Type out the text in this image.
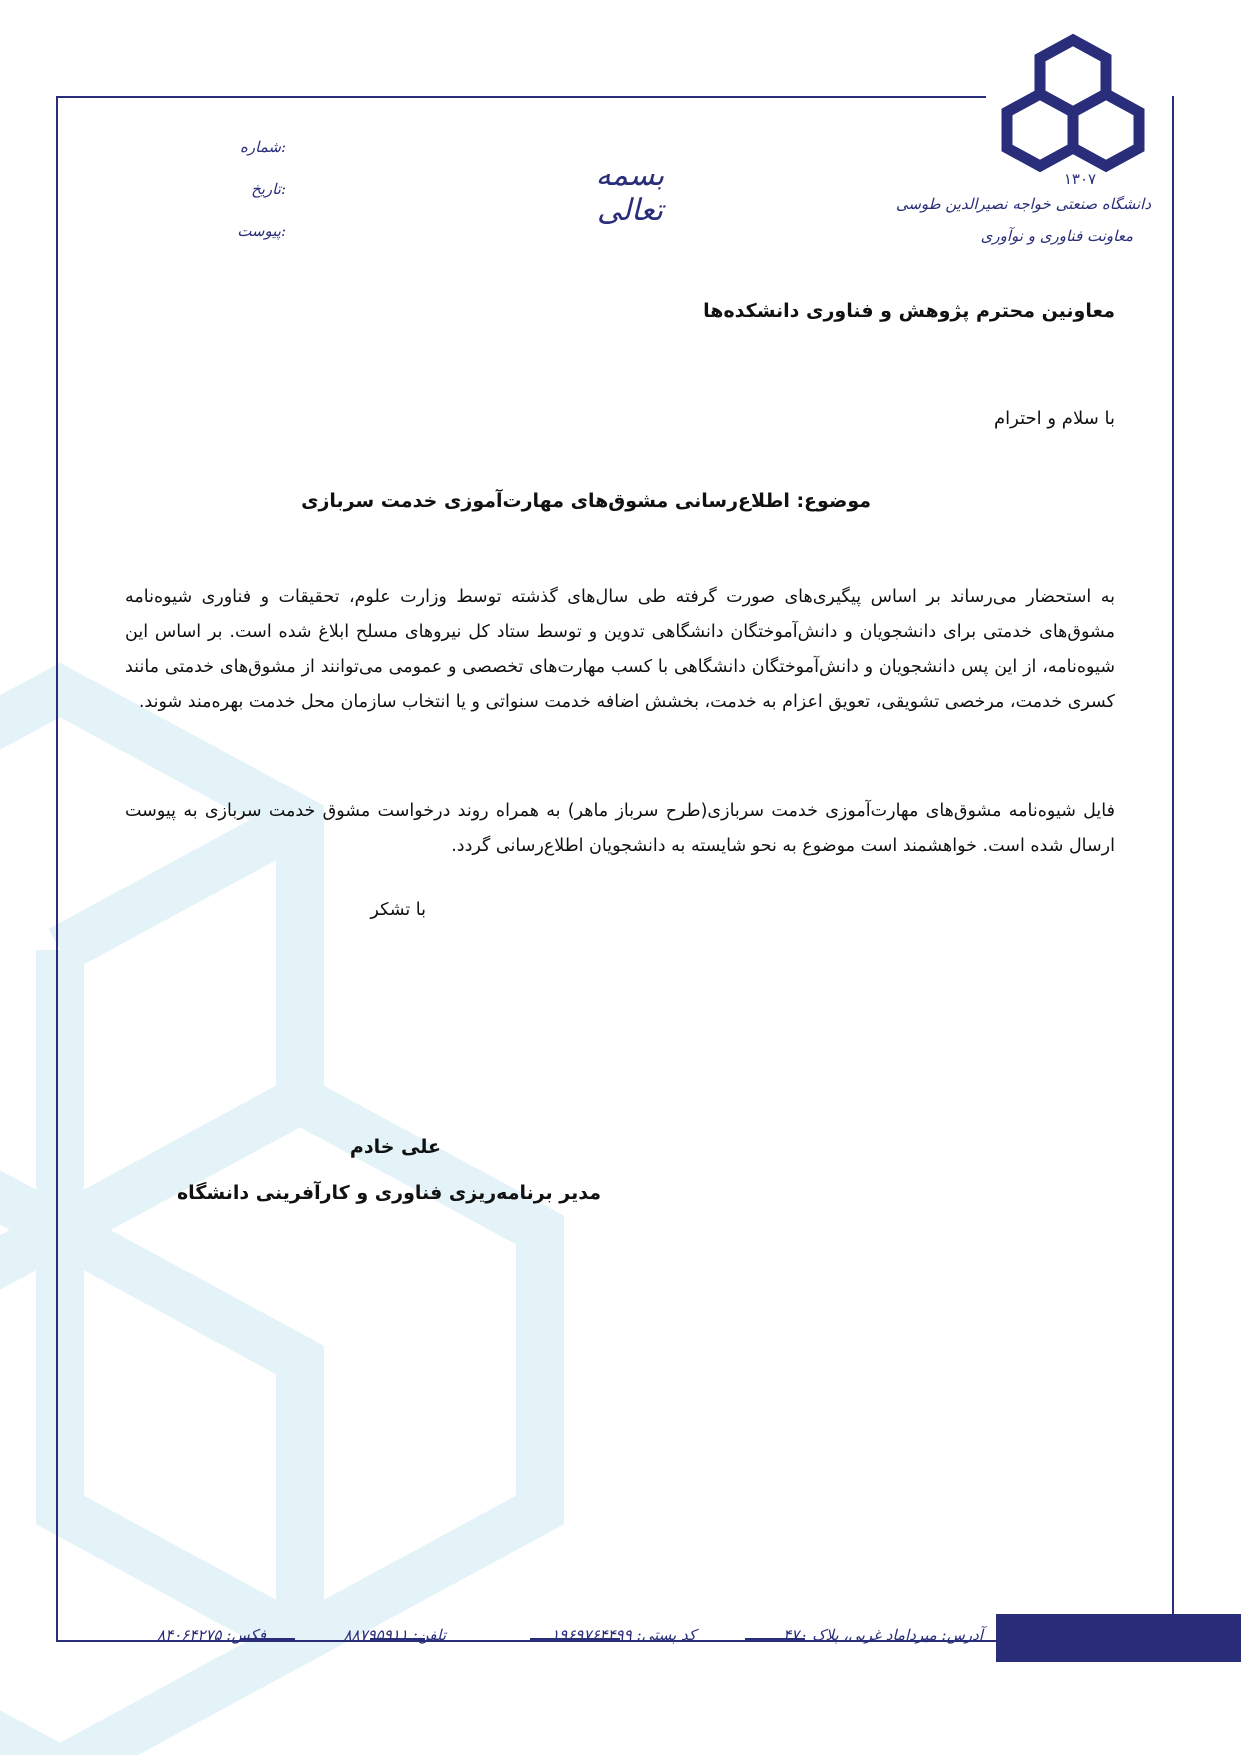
۱۳۰۷
دانشگاه صنعتی خواجه نصیرالدین طوسی
معاونت فناوری و نوآوری
بسمه تعالی
شماره:
تاریخ:
پیوست:
معاونین محترم پژوهش و فناوری دانشکده‌ها
با سلام و احترام
موضوع: اطلاع‌رسانی مشوق‌های مهارت‌آموزی خدمت سربازی
به استحضار می‌رساند بر اساس پیگیری‌های صورت گرفته طی سال‌های گذشته توسط وزارت علوم، تحقیقات و فناوری شیوه‌نامه مشوق‌های خدمتی برای دانشجویان و دانش‌آموختگان دانشگاهی تدوین و توسط ستاد کل نیروهای مسلح ابلاغ شده است. بر اساس این شیوه‌نامه، از این پس دانشجویان و دانش‌آموختگان دانشگاهی با کسب مهارت‌های تخصصی و عمومی می‌توانند از مشوق‌های خدمتی مانند کسری خدمت، مرخصی تشویقی، تعویق اعزام به خدمت، بخشش اضافه خدمت سنواتی و یا انتخاب سازمان محل خدمت بهره‌مند شوند.
فایل شیوه‌نامه مشوق‌های مهارت‌آموزی خدمت سربازی(طرح سرباز ماهر) به همراه روند درخواست مشوق خدمت سربازی به پیوست ارسال شده است. خواهشمند است موضوع به نحو شایسته به دانشجویان اطلاع‌رسانی گردد.
با تشکر
علی خادم
مدیر برنامه‌ریزی فناوری و کارآفرینی دانشگاه
آدرس: میرداماد غربی، پلاک ۴۷۰
کد پستی: ۱۹۶۹۷۶۴۴۹۹
تلفن: ۸۸۷۹۵۹۱۱
فکس: ۸۴۰۶۴۲۷۵
